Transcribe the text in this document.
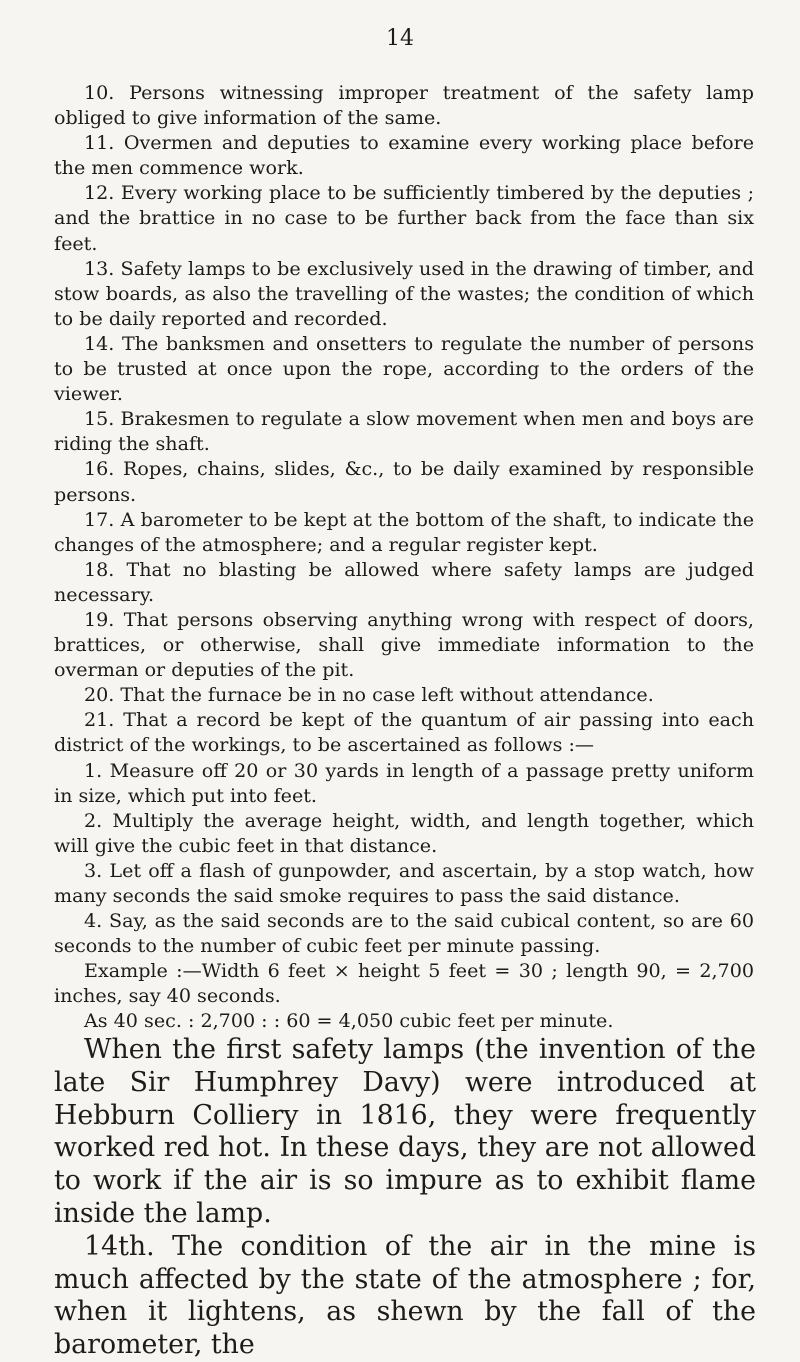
14

10. Persons witnessing improper treatment of the safety lamp obliged to give information of the same.

11. Overmen and deputies to examine every working place before the men commence work.

12. Every working place to be sufficiently timbered by the deputies ; and the brattice in no case to be further back from the face than six feet.

13. Safety lamps to be exclusively used in the drawing of timber, and stow boards, as also the travelling of the wastes; the condition of which to be daily reported and recorded.

14. The banksmen and onsetters to regulate the number of persons to be trusted at once upon the rope, according to the orders of the viewer.

15. Brakesmen to regulate a slow movement when men and boys are riding the shaft.

16. Ropes, chains, slides, &c., to be daily examined by responsible persons.

17. A barometer to be kept at the bottom of the shaft, to indicate the changes of the atmosphere; and a regular register kept.

18. That no blasting be allowed where safety lamps are judged necessary.

19. That persons observing anything wrong with respect of doors, brattices, or otherwise, shall give immediate information to the overman or deputies of the pit.

20. That the furnace be in no case left without attendance.

21. That a record be kept of the quantum of air passing into each district of the workings, to be ascertained as follows :—

1. Measure off 20 or 30 yards in length of a passage pretty uniform in size, which put into feet.

2. Multiply the average height, width, and length together, which will give the cubic feet in that distance.

3. Let off a flash of gunpowder, and ascertain, by a stop watch, how many seconds the said smoke requires to pass the said distance.

4. Say, as the said seconds are to the said cubical content, so are 60 seconds to the number of cubic feet per minute passing.

Example :—Width 6 feet × height 5 feet = 30 ; length 90, = 2,700 inches, say 40 seconds.

As 40 sec. : 2,700 : : 60 = 4,050 cubic feet per minute.

When the first safety lamps (the invention of the late Sir Humphrey Davy) were introduced at Hebburn Colliery in 1816, they were frequently worked red hot. In these days, they are not allowed to work if the air is so impure as to exhibit flame inside the lamp.

14th. The condition of the air in the mine is much affected by the state of the atmosphere ; for, when it lightens, as shewn by the fall of the barometer, the
